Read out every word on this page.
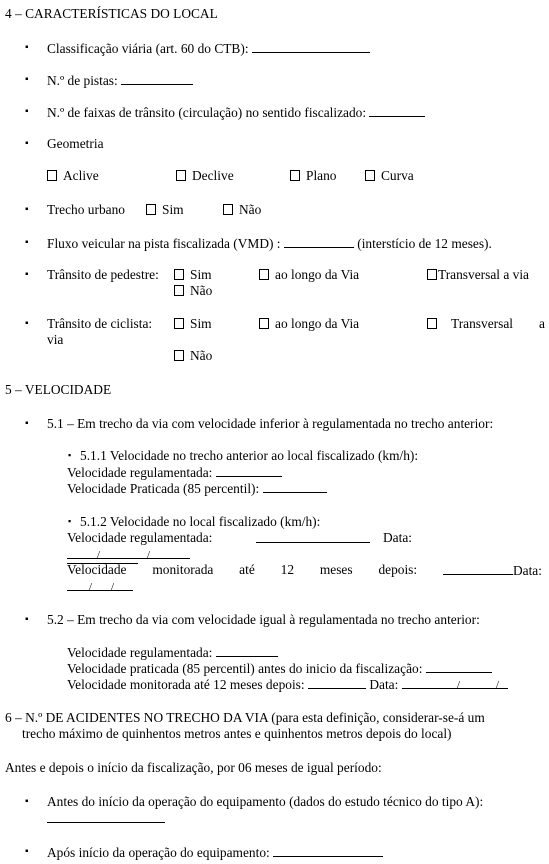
4 – CARACTERÍSTICAS DO LOCAL
▪ Classificação viária (art. 60 do CTB):
▪ N.º de pistas:
▪ N.º de faixas de trânsito (circulação) no sentido fiscalizado:
▪ Geometria
Aclive	Declive	Plano	Curva
▪ Trecho urbano	Sim	Não
▪ Fluxo veicular na pista fiscalizada (VMD) :	(interstício de 12 meses).
▪ Trânsito de pedestre:	Sim	ao longo da Via	Transversal a via
Não
▪ Trânsito de ciclista:	Sim	ao longo da Via	Transversal a
via
Não
5 – VELOCIDADE
▪ 5.1 – Em trecho da via com velocidade inferior à regulamentada no trecho anterior:
▪ 5.1.1 Velocidade no trecho anterior ao local fiscalizado (km/h):
Velocidade regulamentada:
Velocidade Praticada (85 percentil):
▪ 5.1.2 Velocidade no local fiscalizado (km/h):
Velocidade regulamentada:	Data:
/	/
Velocidade monitorada até 12 meses depois:	Data:
/ /
▪ 5.2 – Em trecho da via com velocidade igual à regulamentada no trecho anterior:
Velocidade regulamentada:
Velocidade praticada (85 percentil) antes do inicio da fiscalização:
Velocidade monitorada até 12 meses depois:	Data:	/	/
6 – N.º DE ACIDENTES NO TRECHO DA VIA (para esta definição, considerar-se-á um
trecho máximo de quinhentos metros antes e quinhentos metros depois do local)
Antes e depois o início da fiscalização, por 06 meses de igual período:
▪ Antes do início da operação do equipamento (dados do estudo técnico do tipo A):
▪ Após início da operação do equipamento:
